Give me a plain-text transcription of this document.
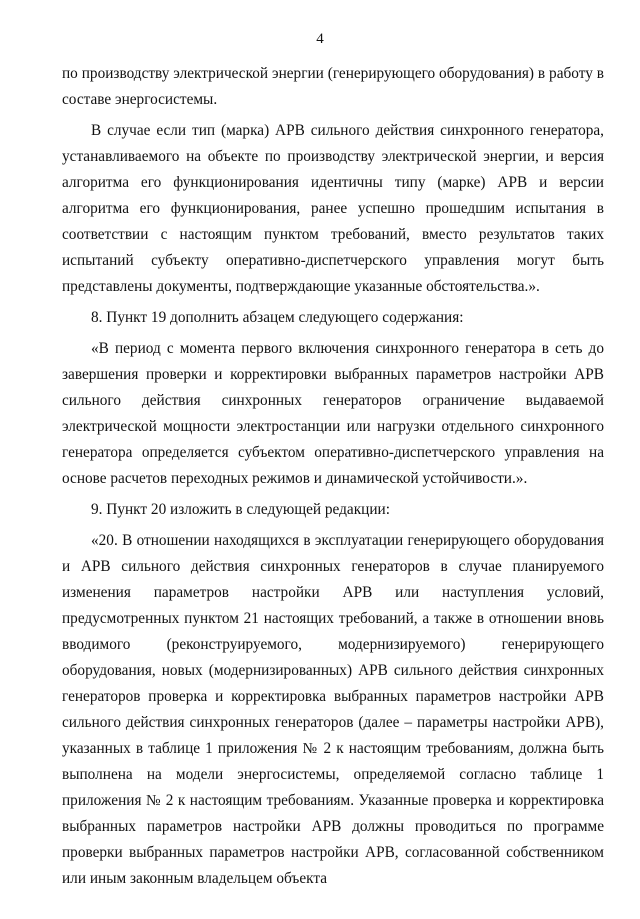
4

по производству электрической энергии (генерирующего оборудования) в работу в составе энергосистемы.

В случае если тип (марка) АРВ сильного действия синхронного генератора, устанавливаемого на объекте по производству электрической энергии, и версия алгоритма его функционирования идентичны типу (марке) АРВ и версии алгоритма его функционирования, ранее успешно прошедшим испытания в соответствии с настоящим пунктом требований, вместо результатов таких испытаний субъекту оперативно-диспетчерского управления могут быть представлены документы, подтверждающие указанные обстоятельства.».

8. Пункт 19 дополнить абзацем следующего содержания:

«В период с момента первого включения синхронного генератора в сеть до завершения проверки и корректировки выбранных параметров настройки АРВ сильного действия синхронных генераторов ограничение выдаваемой электрической мощности электростанции или нагрузки отдельного синхронного генератора определяется субъектом оперативно-диспетчерского управления на основе расчетов переходных режимов и динамической устойчивости.».

9. Пункт 20 изложить в следующей редакции:

«20. В отношении находящихся в эксплуатации генерирующего оборудования и АРВ сильного действия синхронных генераторов в случае планируемого изменения параметров настройки АРВ или наступления условий, предусмотренных пунктом 21 настоящих требований, а также в отношении вновь вводимого (реконструируемого, модернизируемого) генерирующего оборудования, новых (модернизированных) АРВ сильного действия синхронных генераторов проверка и корректировка выбранных параметров настройки АРВ сильного действия синхронных генераторов (далее – параметры настройки АРВ), указанных в таблице 1 приложения № 2 к настоящим требованиям, должна быть выполнена на модели энергосистемы, определяемой согласно таблице 1 приложения № 2 к настоящим требованиям. Указанные проверка и корректировка выбранных параметров настройки АРВ должны проводиться по программе проверки выбранных параметров настройки АРВ, согласованной собственником или иным законным владельцем объекта
